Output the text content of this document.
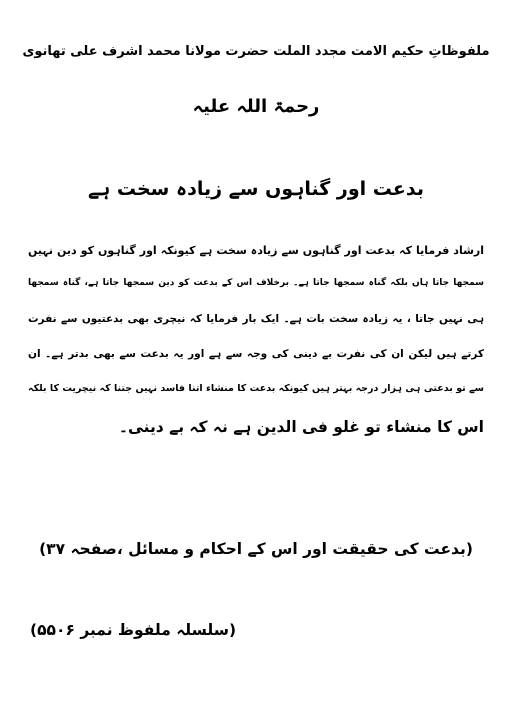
ملفوظاتِ حکیم الامت مجدد الملت حضرت مولانا محمد اشرف علی تھانوی
رحمۃ اللہ علیہ
بدعت اور گناہوں سے زیادہ سخت ہے
ارشاد فرمایا کہ بدعت اور گناہوں سے زیادہ سخت ہے کیونکہ اور گناہوں کو دین نہیں
سمجھا جاتا ہاں بلکہ گناہ سمجھا جاتا ہے۔ برخلاف اس کے بدعت کو دین سمجھا جاتا ہے، گناہ سمجھا
ہی نہیں جاتا ، یہ زیادہ سخت بات ہے۔ ایک بار فرمایا کہ نیچری بھی بدعتیوں سے نفرت
کرتے ہیں لیکن ان کی نفرت بے دینی کی وجہ سے ہے اور یہ بدعت سے بھی بدتر ہے۔ ان
سے تو بدعتی ہی ہزار درجہ بہتر ہیں کیونکہ بدعت کا منشاء اتنا فاسد نہیں جتنا کہ نیچریت کا بلکہ
اس کا منشاء تو غلو فی الدین ہے نہ کہ بے دینی۔
(بدعت کی حقیقت اور اس کے احکام و مسائل ،صفحہ ۳۷)
(سلسلہ ملفوظ نمبر ۵۵۰۶)
